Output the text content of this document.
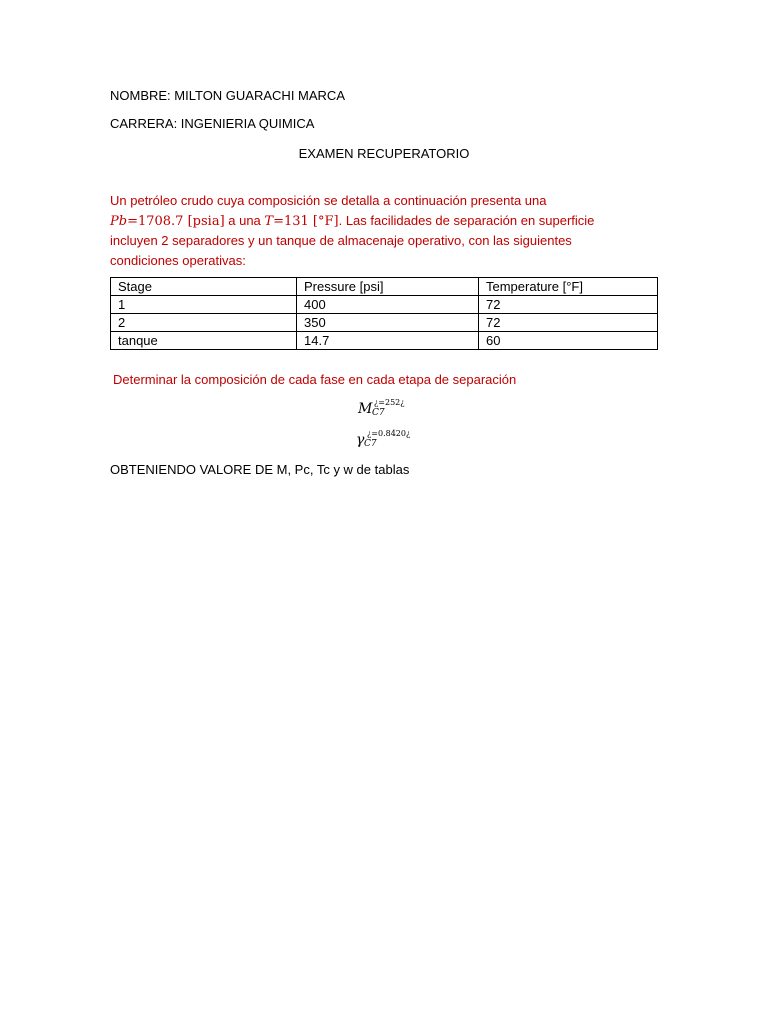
NOMBRE: MILTON GUARACHI MARCA
CARRERA: INGENIERIA QUIMICA
EXAMEN RECUPERATORIO

Un petróleo crudo cuya composición se detalla a continuación presenta una

Pb=1708.7 [psia] a una T=131 [°F]. Las facilidades de separación en superficie

incluyen 2 separadores y un tanque de almacenaje operativo, con las siguientes

condiciones operativas:

Stage	Pressure [psi]	Temperature [°F]
1	400	72
2	350	72
tanque	14.7	60
Determinar la composición de cada fase en cada etapa de separación
M C7
¿=252¿
γ C7
¿=0.8420¿
OBTENIENDO VALORE DE M, Pc, Tc y w de tablas
